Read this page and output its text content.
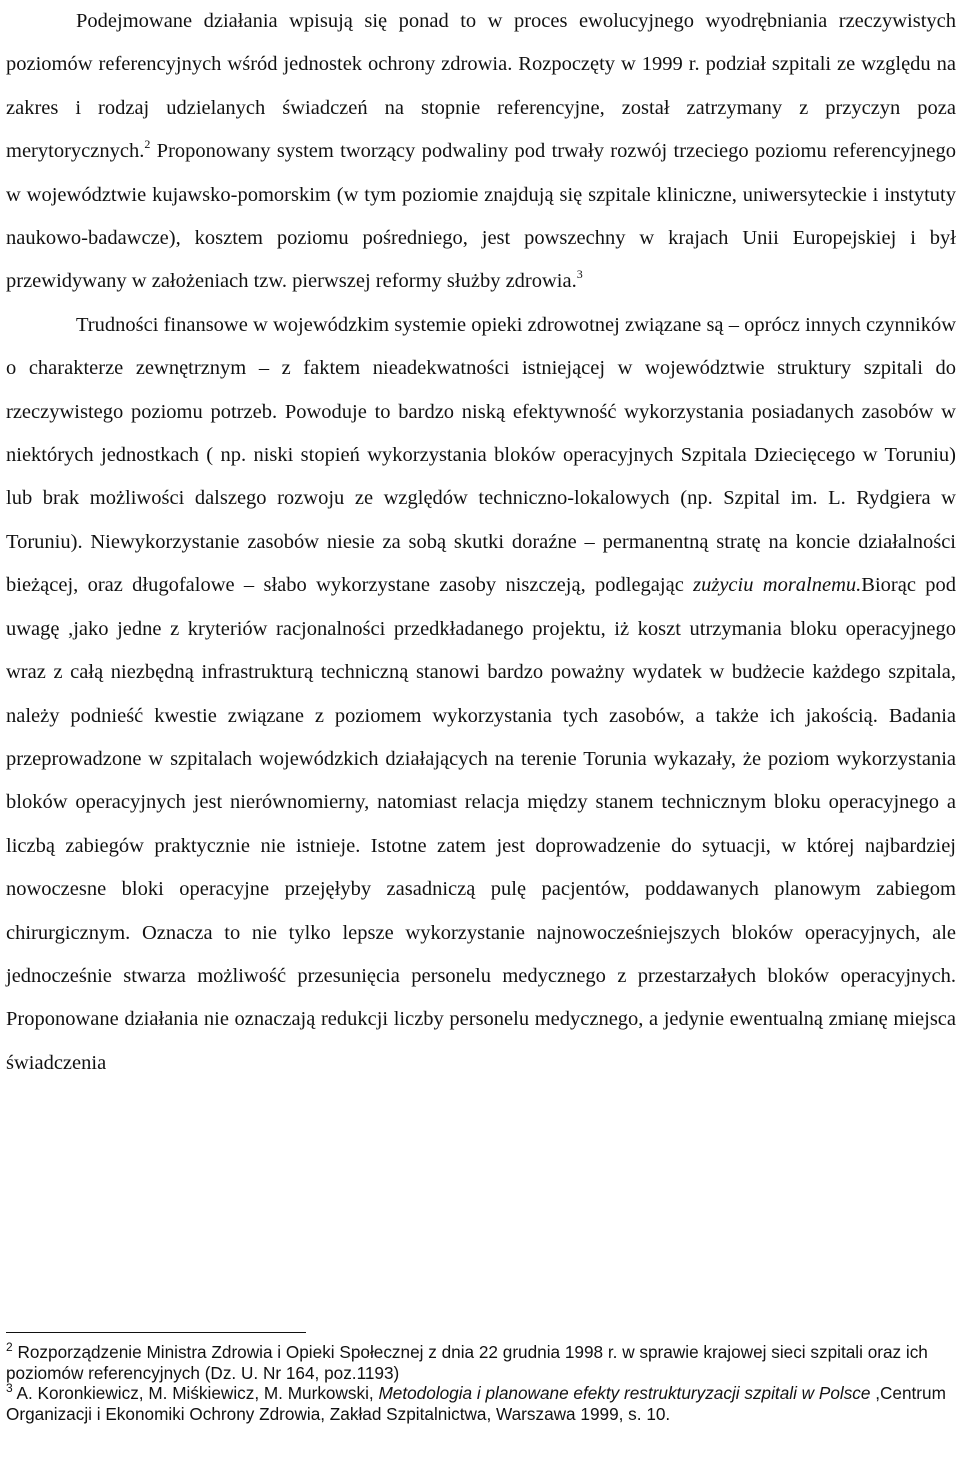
Podejmowane działania wpisują się ponad to w proces ewolucyjnego wyodrębniania rzeczywistych poziomów referencyjnych wśród jednostek ochrony zdrowia. Rozpoczęty w 1999 r. podział szpitali ze względu na zakres i rodzaj udzielanych świadczeń na stopnie referencyjne, został zatrzymany z przyczyn poza merytorycznych.$^2$ Proponowany system tworzący podwaliny pod trwały rozwój trzeciego poziomu referencyjnego w województwie kujawsko-pomorskim (w tym poziomie znajdują się szpitale kliniczne, uniwersyteckie i instytuty naukowo-badawcze), kosztem poziomu pośredniego, jest powszechny w krajach Unii Europejskiej i był przewidywany w założeniach tzw. pierwszej reformy służby zdrowia.$^3$

Trudności finansowe w wojewódzkim systemie opieki zdrowotnej związane są – oprócz innych czynników o charakterze zewnętrznym – z faktem nieadekwatności istniejącej w województwie struktury szpitali do rzeczywistego poziomu potrzeb. Powoduje to bardzo niską efektywność wykorzystania posiadanych zasobów w niektórych jednostkach ( np. niski stopień wykorzystania bloków operacyjnych Szpitala Dziecięcego w Toruniu) lub brak możliwości dalszego rozwoju ze względów techniczno-lokalowych (np. Szpital im. L. Rydgiera w Toruniu). Niewykorzystanie zasobów niesie za sobą skutki doraźne – permanentną stratę na koncie działalności bieżącej, oraz długofalowe – słabo wykorzystane zasoby niszczeją, podlegając zużyciu moralnemu.Biorąc pod uwagę ,jako jedne z kryteriów racjonalności przedkładanego projektu, iż koszt utrzymania bloku operacyjnego wraz z całą niezbędną infrastrukturą techniczną stanowi bardzo poważny wydatek w budżecie każdego szpitala, należy podnieść kwestie związane z poziomem wykorzystania tych zasobów, a także ich jakością. Badania przeprowadzone w szpitalach wojewódzkich działających na terenie Torunia wykazały, że poziom wykorzystania bloków operacyjnych jest nierównomierny, natomiast relacja między stanem technicznym bloku operacyjnego a liczbą zabiegów praktycznie nie istnieje. Istotne zatem jest doprowadzenie do sytuacji, w której najbardziej nowoczesne bloki operacyjne przejęłyby zasadniczą pulę pacjentów, poddawanych planowym zabiegom chirurgicznym. Oznacza to nie tylko lepsze wykorzystanie najnowocześniejszych bloków operacyjnych, ale jednocześnie stwarza możliwość przesunięcia personelu medycznego z przestarzałych bloków operacyjnych. Proponowane działania nie oznaczają redukcji liczby personelu medycznego, a jedynie ewentualną zmianę miejsca świadczenia

$^2$ Rozporządzenie Ministra Zdrowia i Opieki Społecznej z dnia 22 grudnia 1998 r. w sprawie krajowej sieci szpitali oraz ich poziomów referencyjnych (Dz. U. Nr 164, poz.1193)

$^3$ A. Koronkiewicz, M. Miśkiewicz, M. Murkowski, Metodologia i planowane efekty restrukturyzacji szpitali w Polsce ,Centrum Organizacji i Ekonomiki Ochrony Zdrowia, Zakład Szpitalnictwa, Warszawa 1999, s. 10.
